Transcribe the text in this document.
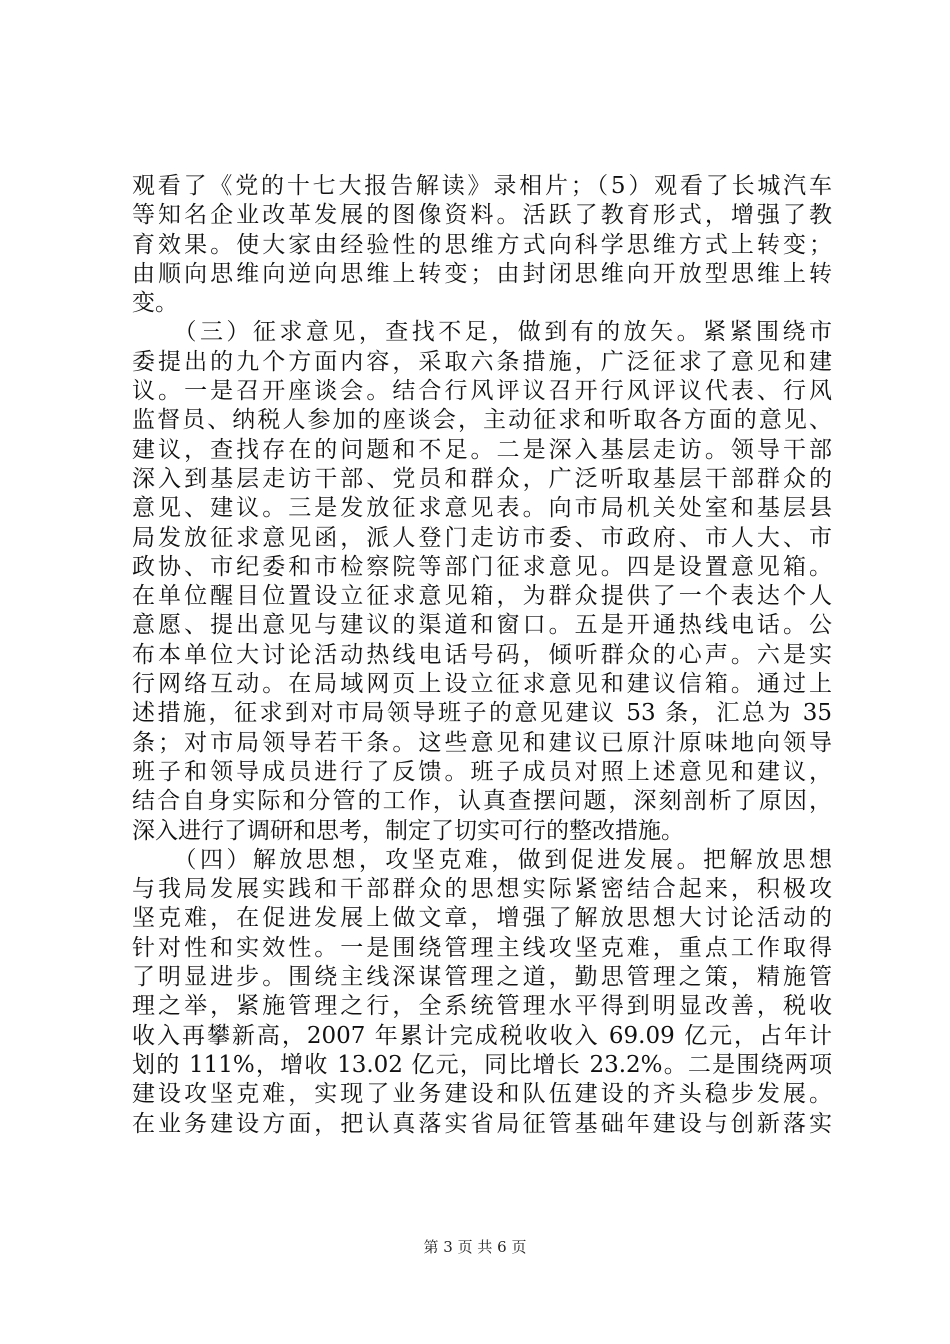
观看了《党的十七大报告解读》录相片；（5）观看了长城汽车
等知名企业改革发展的图像资料。活跃了教育形式，增强了教
育效果。使大家由经验性的思维方式向科学思维方式上转变；
由顺向思维向逆向思维上转变；由封闭思维向开放型思维上转
变。
　　（三）征求意见，查找不足，做到有的放矢。紧紧围绕市
委提出的九个方面内容，采取六条措施，广泛征求了意见和建
议。一是召开座谈会。结合行风评议召开行风评议代表、行风
监督员、纳税人参加的座谈会，主动征求和听取各方面的意见、
建议，查找存在的问题和不足。二是深入基层走访。领导干部
深入到基层走访干部、党员和群众，广泛听取基层干部群众的
意见、建议。三是发放征求意见表。向市局机关处室和基层县
局发放征求意见函，派人登门走访市委、市政府、市人大、市
政协、市纪委和市检察院等部门征求意见。四是设置意见箱。
在单位醒目位置设立征求意见箱，为群众提供了一个表达个人
意愿、提出意见与建议的渠道和窗口。五是开通热线电话。公
布本单位大讨论活动热线电话号码，倾听群众的心声。六是实
行网络互动。在局域网页上设立征求意见和建议信箱。通过上
述措施，征求到对市局领导班子的意见建议 53 条，汇总为 35
条；对市局领导若干条。这些意见和建议已原汁原味地向领导
班子和领导成员进行了反馈。班子成员对照上述意见和建议，
结合自身实际和分管的工作，认真查摆问题，深刻剖析了原因，
深入进行了调研和思考，制定了切实可行的整改措施。
　　（四）解放思想，攻坚克难，做到促进发展。把解放思想
与我局发展实践和干部群众的思想实际紧密结合起来，积极攻
坚克难，在促进发展上做文章，增强了解放思想大讨论活动的
针对性和实效性。一是围绕管理主线攻坚克难，重点工作取得
了明显进步。围绕主线深谋管理之道，勤思管理之策，精施管
理之举，紧施管理之行，全系统管理水平得到明显改善，税收
收入再攀新高，2007 年累计完成税收收入 69.09 亿元，占年计
划的 111%，增收 13.02 亿元，同比增长 23.2%。二是围绕两项
建设攻坚克难，实现了业务建设和队伍建设的齐头稳步发展。
在业务建设方面，把认真落实省局征管基础年建设与创新落实
第 3 页 共 6 页
